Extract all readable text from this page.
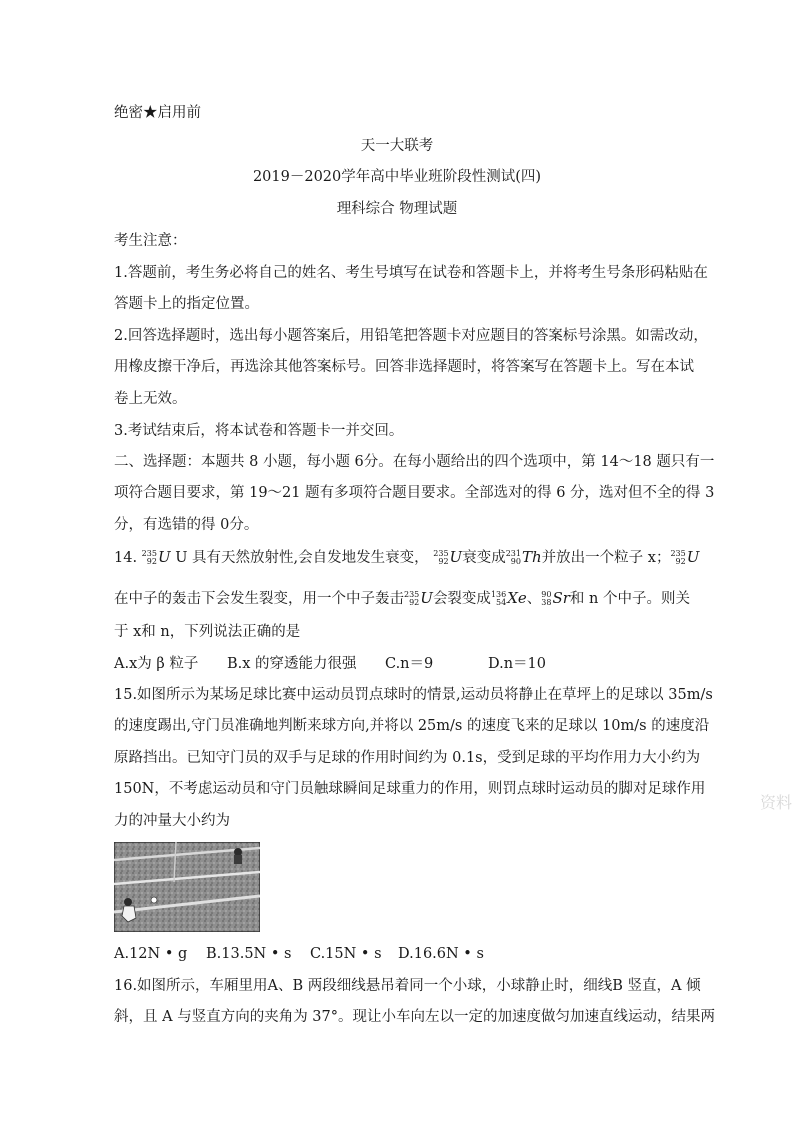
绝密★启用前
天一大联考
2019－2020学年高中毕业班阶段性测试(四)
理科综合 物理试题
考生注意：
1.答题前，考生务必将自己的姓名、考生号填写在试卷和答题卡上，并将考生号条形码粘贴在
答题卡上的指定位置。
2.回答选择题时，选出每小题答案后，用铅笔把答题卡对应题目的答案标号涂黑。如需改动，
用橡皮擦干净后，再选涂其他答案标号。回答非选择题时，将答案写在答题卡上。写在本试
卷上无效。
3.考试结束后，将本试卷和答题卡一并交回。
二、选择题：本题共 8 小题，每小题 6分。在每小题给出的四个选项中，第 14～18 题只有一
项符合题目要求，第 19～21 题有多项符合题目要求。全部选对的得 6 分，选对但不全的得 3
分，有选错的得 0分。
14. 235
92 U U 具有天然放射性,会自发地发生衰变， 235
92 U衰变成 231
90 Th并放出一个粒子 x； 235
92 U
在中子的轰击下会发生裂变，用一个中子轰击 235
92 U会裂变成 136
54 Xe、 90
38 Sr和 n 个中子。则关
于 x和 n，下列说法正确的是
A.x为 β 粒子 B.x 的穿透能力很强 C.n＝9	D.n＝10
15.如图所示为某场足球比赛中运动员罚点球时的情景,运动员将静止在草坪上的足球以 35m/s
的速度踢出,守门员准确地判断来球方向,并将以 25m/s 的速度飞来的足球以 10m/s 的速度沿
原路挡出。已知守门员的双手与足球的作用时间约为 0.1s，受到足球的平均作用力大小约为
150N，不考虑运动员和守门员触球瞬间足球重力的作用，则罚点球时运动员的脚对足球作用
力的冲量大小约为
A.12N • g B.13.5N • s C.15N • s D.16.6N • s
16.如图所示，车厢里用A、B 两段细线悬吊着同一个小球，小球静止时，细线B 竖直，A 倾
斜，且 A 与竖直方向的夹角为 37°。现让小车向左以一定的加速度做匀加速直线运动，结果两
资料
